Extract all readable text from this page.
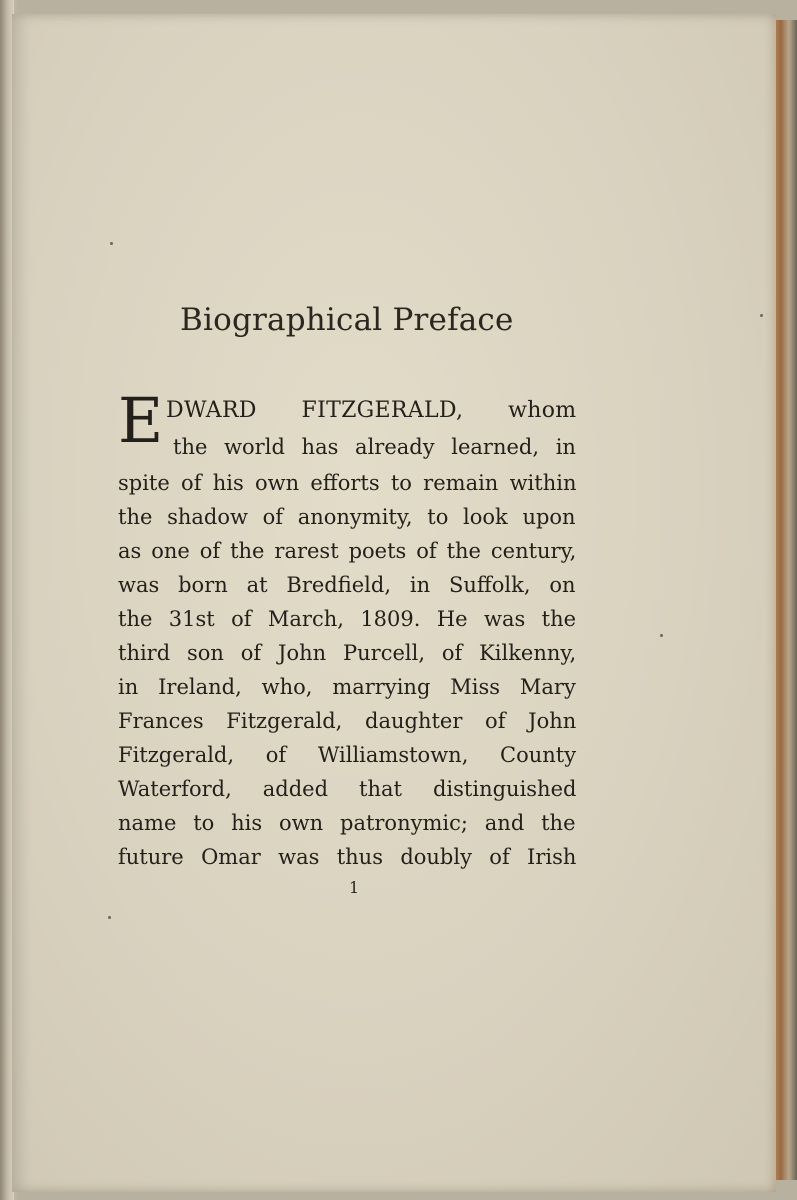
Biographical Preface
E DWARD FITZGERALD, whom
the world has already learned, in
spite of his own efforts to remain within
the shadow of anonymity, to look upon
as one of the rarest poets of the century,
was born at Bredfield, in Suffolk, on
the 31st of March, 1809. He was the
third son of John Purcell, of Kilkenny,
in Ireland, who, marrying Miss Mary
Frances Fitzgerald, daughter of John
Fitzgerald, of Williamstown, County
Waterford, added that distinguished
name to his own patronymic; and the
future Omar was thus doubly of Irish
1
